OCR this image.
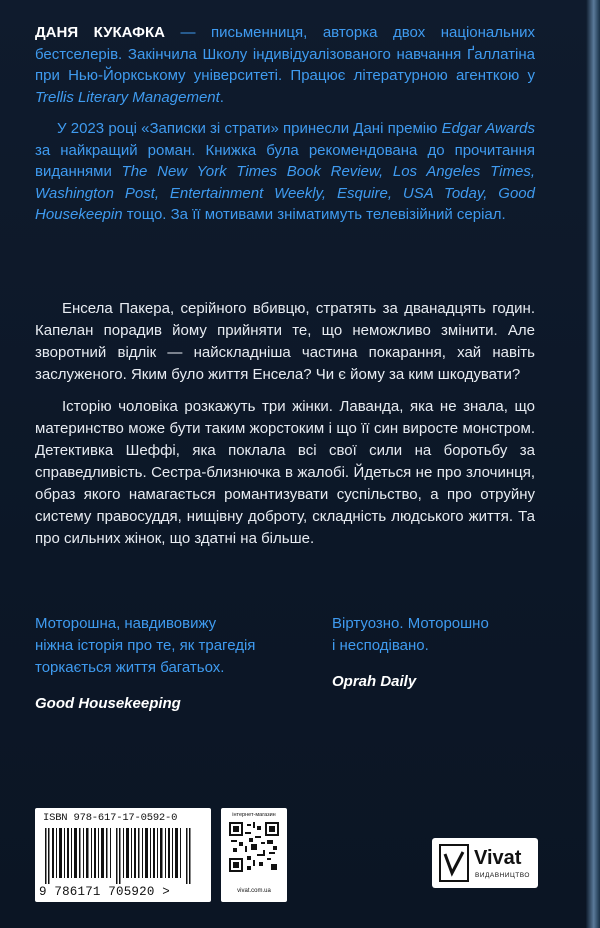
ДАНЯ КУКАФКА — письменниця, авторка двох національних бестселерів. Закінчила Школу індивідуалізованого навчання Ґаллатіна при Нью-Йоркському університеті. Працює літературною агенткою у Trellis Literary Management.

У 2023 році «Записки зі страти» принесли Дані премію Edgar Awards за найкращий роман. Книжка була рекомендована до прочитання виданнями The New York Times Book Review, Los Angeles Times, Washington Post, Entertainment Weekly, Esquire, USA Today, Good Housekeepin тощо. За її мотивами зніматимуть телевізійний серіал.

Енсела Пакера, серійного вбивцю, стратять за дванадцять годин. Капелан порадив йому прийняти те, що неможливо змінити. Але зворотний відлік — найскладніша частина покарання, хай навіть заслуженого. Яким було життя Енсела? Чи є йому за ким шкодувати?

Історію чоловіка розкажуть три жінки. Лаванда, яка не знала, що материнство може бути таким жорстоким і що її син виросте монстром. Детективка Шеффі, яка поклала всі свої сили на боротьбу за справедливість. Сестра-близнючка в жалобі. Йдеться не про злочинця, образ якого намагається романтизувати суспільство, а про отруйну систему правосуддя, нищівну доброту, складність людського життя. Та про сильних жінок, що здатні на більше.

Моторошна, навдивовижу
ніжна історія про те, як трагедія
торкається життя багатьох.
Good Housekeeping
Віртуозно. Моторошно
і несподівано.
Oprah Daily
ISBN 978-617-17-0592-0
9 786171 705920 >
інтернет-магазин
vivat.com.ua
Vivat
ВИДАВНИЦТВО
